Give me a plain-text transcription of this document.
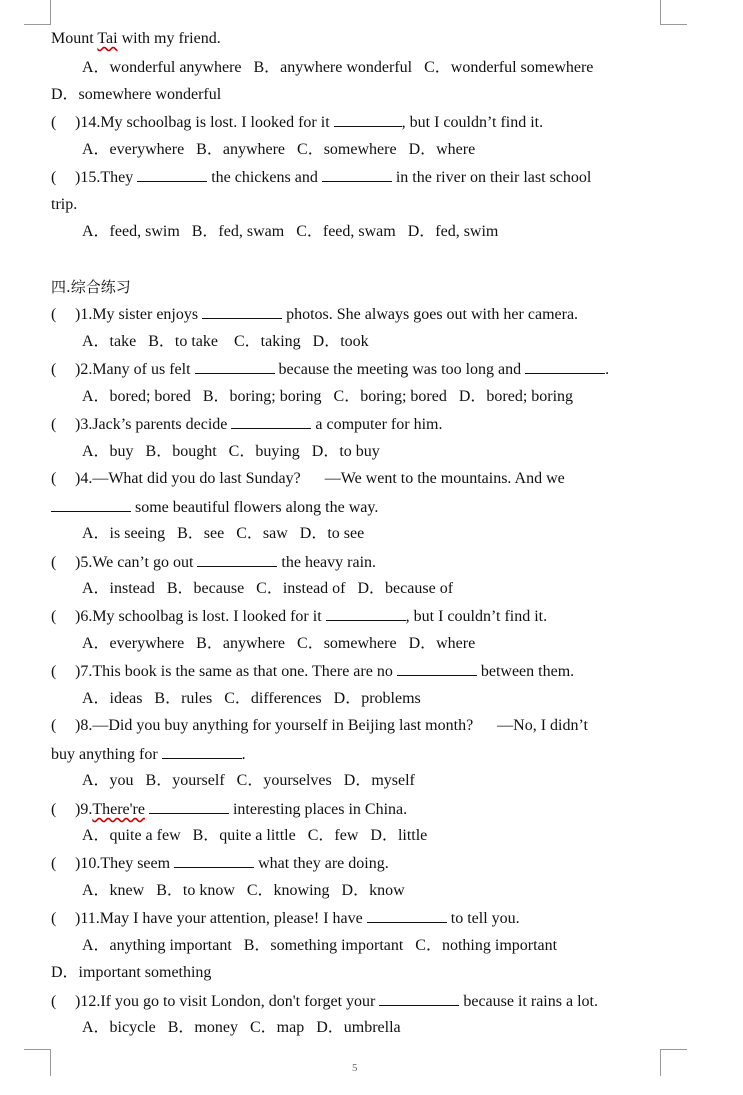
Mount Tai with my friend.
A．wonderful anywhere   B．anywhere wonderful   C．wonderful somewhere
D．somewhere wonderful
( )14.My schoolbag is lost. I looked for it	, but I couldn’t find it.
A．everywhere   B．anywhere   C．somewhere   D．where
( )15.They	the chickens and	in the river on their last school
trip.
A．feed, swim   B．fed, swam   C．feed, swam   D．fed, swim
四.综合练习
( )1.My sister enjoys	photos. She always goes out with her camera.
A．take   B．to take    C．taking   D．took
( )2.Many of us felt	because the meeting was too long and	.
A．bored; bored   B．boring; boring   C．boring; bored   D．bored; boring
( )3.Jack’s parents decide	a computer for him.
A．buy   B．bought   C．buying   D．to buy
( )4.—What did you do last Sunday?      —We went to the mountains. And we
some beautiful flowers along the way.
A．is seeing   B．see   C．saw   D．to see
( )5.We can’t go out	the heavy rain.
A．instead   B．because   C．instead of   D．because of
( )6.My schoolbag is lost. I looked for it	, but I couldn’t find it.
A．everywhere   B．anywhere   C．somewhere   D．where
( )7.This book is the same as that one. There are no	between them.
A．ideas   B．rules   C．differences   D．problems
( )8.—Did you buy anything for yourself in Beijing last month?      —No, I didn’t
buy anything for	.
A．you   B．yourself   C．yourselves   D．myself
( )9.There're	interesting places in China.
A．quite a few   B．quite a little   C．few   D．little
( )10.They seem	what they are doing.
A．knew   B．to know   C．knowing   D．know
( )11.May I have your attention, please! I have	to tell you.
A．anything important   B．something important   C．nothing important
D．important something
( )12.If you go to visit London, don't forget your	because it rains a lot.
A．bicycle   B．money   C．map   D．umbrella
5
